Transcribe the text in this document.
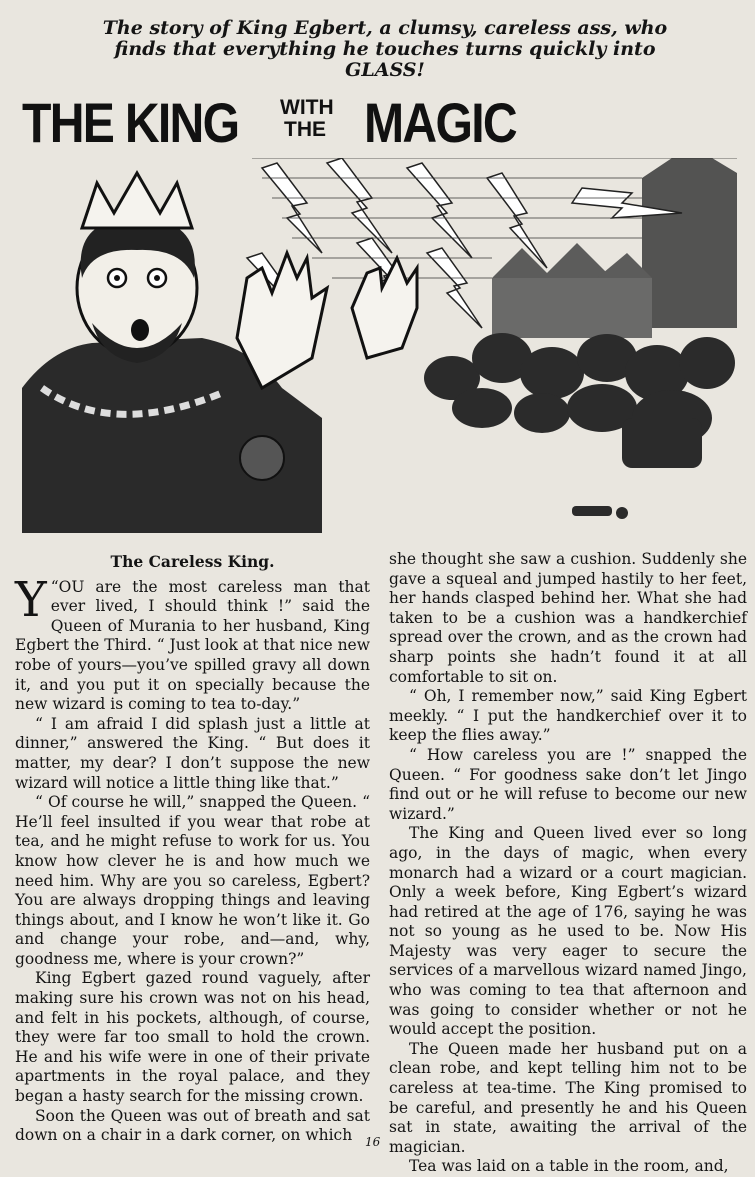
The story of King Egbert, a clumsy, careless ass, who
finds that everything he touches turns quickly into
GLASS!
THE KING WITH
THE MAGIC
The Careless King.

Y “OU are the most careless man that ever lived, I should think !” said the Queen of Murania to her husband, King Egbert the Third. “ Just look at that nice new robe of yours—you’ve spilled gravy all down it, and you put it on specially because the new wizard is coming to tea to-day.”

“ I am afraid I did splash just a little at dinner,” answered the King. “ But does it matter, my dear? I don’t suppose the new wizard will notice a little thing like that.”

“ Of course he will,” snapped the Queen. “ He’ll feel insulted if you wear that robe at tea, and he might refuse to work for us. You know how clever he is and how much we need him. Why are you so careless, Egbert? You are always dropping things and leaving things about, and I know he won’t like it. Go and change your robe, and—and, why, goodness me, where is your crown?”

King Egbert gazed round vaguely, after making sure his crown was not on his head, and felt in his pockets, although, of course, they were far too small to hold the crown. He and his wife were in one of their private apartments in the royal palace, and they began a hasty search for the missing crown.

Soon the Queen was out of breath and sat down on a chair in a dark corner, on which

she thought she saw a cushion. Suddenly she gave a squeal and jumped hastily to her feet, her hands clasped behind her. What she had taken to be a cushion was a handkerchief spread over the crown, and as the crown had sharp points she hadn’t found it at all comfortable to sit on.

“ Oh, I remember now,” said King Egbert meekly. “ I put the handkerchief over it to keep the flies away.”

“ How careless you are !” snapped the Queen. “ For goodness sake don’t let Jingo find out or he will refuse to become our new wizard.”

The King and Queen lived ever so long ago, in the days of magic, when every monarch had a wizard or a court magician. Only a week before, King Egbert’s wizard had retired at the age of 176, saying he was not so young as he used to be. Now His Majesty was very eager to secure the services of a marvellous wizard named Jingo, who was coming to tea that afternoon and was going to consider whether or not he would accept the position.

The Queen made her husband put on a clean robe, and kept telling him not to be careless at tea-time. The King promised to be careful, and presently he and his Queen sat in state, awaiting the arrival of the magician.

Tea was laid on a table in the room, and,

16
